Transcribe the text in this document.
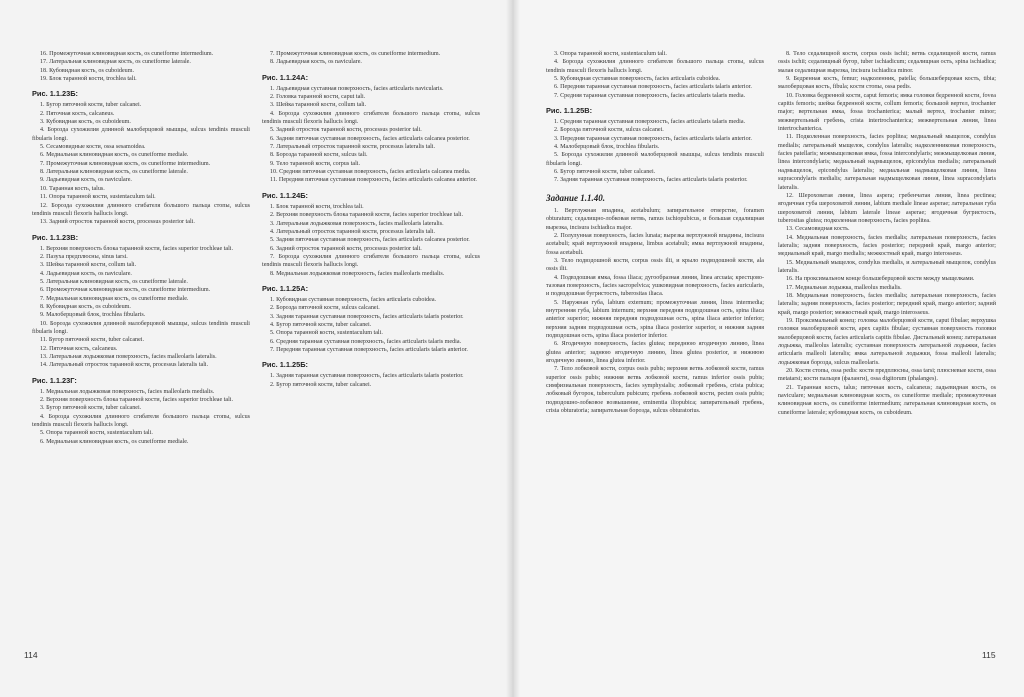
16. Промежуточная клиновидная кость, os cuneiforme intermedium.
17. Латеральная клиновидная кость, os cuneiforme laterale.
18. Кубовидная кость, os cuboideum.
19. Блок таранной кости, trochlea tali.
Рис. 1.1.23Б:
1. Бугор пяточной кости, tuber calcanei.
2. Пяточная кость, calcaneus.
3. Кубовидная кость, os cuboideum.
4. Борозда сухожилия длинной малоберцовой мышцы, sulcus tendinis musculi fibularis longi.
5. Сесамовидные кости, ossa sesamoidea.
6. Медиальная клиновидная кость, os cuneiforme mediale.
7. Промежуточная клиновидная кость, os cuneiforme intermedium.
8. Латеральная клиновидная кость, os cuneiforme laterale.
9. Ладьевидная кость, os naviculare.
10. Таранная кость, talus.
11. Опора таранной кости, sustentaculum tali.
12. Борозда сухожилия длинного сгибателя большого пальца стопы, sulcus tendinis musculi flexoris hallucis longi.
13. Задний отросток таранной кости, processus posterior tali.
Рис. 1.1.23В:
1. Верхняя поверхность блока таранной кости, facies superior trochleae tali.
2. Пазуха предплюсны, sinus tarsi.
3. Шейка таранной кости, collum tali.
4. Ладьевидная кость, os naviculare.
5. Латеральная клиновидная кость, os cuneiforme laterale.
6. Промежуточная клиновидная кость, os cuneiforme intermedium.
7. Медиальная клиновидная кость, os cuneiforme mediale.
8. Кубовидная кость, os cuboideum.
9. Малоберцовый блок, trochlea fibularis.
10. Борозда сухожилия длинной малоберцовой мышцы, sulcus tendinis musculi fibularis longi.
11. Бугор пяточной кости, tuber calcanei.
12. Пяточная кость, calcaneus.
13. Латеральная лодыжковая поверхность, facies malleolaris lateralis.
14. Латеральный отросток таранной кости, processus lateralis tali.
Рис. 1.1.23Г:
1. Медиальная лодыжковая поверхность, facies malleolaris medialis.
2. Верхняя поверхность блока таранной кости, facies superior trochleae tali.
3. Бугор пяточной кости, tuber calcanei.
4. Борозда сухожилия длинного сгибателя большого пальца стопы, sulcus tendinis musculi flexoris hallucis longi.
5. Опора таранной кости, sustentaculum tali.
6. Медиальная клиновидная кость, os cuneiforme mediale.
7. Промежуточная клиновидная кость, os cuneiforme intermedium.
8. Ладьевидная кость, os naviculare.
Рис. 1.1.24А:
1. Ладьевидная суставная поверхность, facies articularis navicularis.
2. Головка таранной кости, caput tali.
3. Шейка таранной кости, collum tali.
4. Борозда сухожилия длинного сгибателя большого пальца стопы, sulcus tendinis musculi flexoris hallucis longi.
5. Задний отросток таранной кости, processus posterior tali.
6. Задняя пяточная суставная поверхность, facies articularis calcanea posterior.
7. Латеральный отросток таранной кости, processus lateralis tali.
8. Борозда таранной кости, sulcus tali.
9. Тело таранной кости, corpus tali.
10. Средняя пяточная суставная поверхность, facies articularis calcanea media.
11. Передняя пяточная суставная поверхность, facies articularis calcanea anterior.
Рис. 1.1.24Б:
1. Блок таранной кости, trochlea tali.
2. Верхняя поверхность блока таранной кости, facies superior trochleae tali.
3. Латеральная лодыжковая поверхность, facies malleolaris lateralis.
4. Латеральный отросток таранной кости, processus lateralis tali.
5. Задняя пяточная суставная поверхность, facies articularis calcanea posterior.
6. Задний отросток таранной кости, processus posterior tali.
7. Борозда сухожилия длинного сгибателя большого пальца стопы, sulcus tendinis musculi flexoris hallucis longi.
8. Медиальная лодыжковая поверхность, facies malleolaris medialis.
Рис. 1.1.25А:
1. Кубовидная суставная поверхность, facies articularis cuboidea.
2. Борозда пяточной кости, sulcus calcanei.
3. Задняя таранная суставная поверхность, facies articularis talaris posterior.
4. Бугор пяточной кости, tuber calcanei.
5. Опора таранной кости, sustentaculum tali.
6. Средняя таранная суставная поверхность, facies articularis talaris media.
7. Передняя таранная суставная поверхность, facies articularis talaris anterior.
Рис. 1.1.25Б:
1. Задняя таранная суставная поверхность, facies articularis talaris posterior.
2. Бугор пяточной кости, tuber calcanei.
114
3. Опора таранной кости, sustentaculum tali.
4. Борозда сухожилия длинного сгибателя большого пальца стопы, sulcus tendinis musculi flexoris hallucis longi.
5. Кубовидная суставная поверхность, facies articularis cuboidea.
6. Передняя таранная суставная поверхность, facies articularis talaris anterior.
7. Средняя таранная суставная поверхность, facies articularis talaris media.
Рис. 1.1.25В:
1. Средняя таранная суставная поверхность, facies articularis talaris media.
2. Борозда пяточной кости, sulcus calcanei.
3. Передняя таранная суставная поверхность, facies articularis talaris anterior.
4. Малоберцовый блок, trochlea fibularis.
5. Борозда сухожилия длинной малоберцовой мышцы, sulcus tendinis musculi fibularis longi.
6. Бугор пяточной кости, tuber calcanei.
7. Задняя таранная суставная поверхность, facies articularis talaris posterior.
Задание 1.1.40.
1. Вертлужная впадина, acetabulum; запирательное отверстие, foramen obturatum; седалищно-лобковая ветвь, ramus ischiopubicus, и большая седалищная вырезка, incisura ischiadica major.
2. Полулунная поверхность, facies lunata; вырезка вертлужной впадины, incisura acetabuli; край вертлужной впадины, limbus acetabuli; ямка вертлужной впадины, fossa acetabuli.
3. Тело подвздошной кости, corpus ossis ilii, и крыло подвздошной кости, ala ossis ilii.
4. Подвздошная ямка, fossa iliaca; дугообразная линия, linea arcuata; крестцово-тазовая поверхность, facies sacropelvica; ушковидная поверхность, facies auricularis, и подвздошная бугристость, tuberositas iliaca.
5. Наружная губа, labium externum; промежуточная линия, linea intermedia; внутренняя губа, labium internum; верхняя передняя подвздошная ость, spina iliaca anterior superior; нижняя передняя подвздошная ость, spina iliaca anterior inferior; верхняя задняя подвздошная ость, spina iliaca posterior superior, и нижняя задняя подвздошная ость, spina iliaca posterior inferior.
6. Ягодичную поверхность, facies glutea; переднюю ягодичную линию, linea glutea anterior; заднюю ягодичную линию, linea glutea posterior, и нижнюю ягодичную линию, linea glutea inferior.
7. Тело лобковой кости, corpus ossis pubis; верхняя ветвь лобковой кости, ramus superior ossis pubis; нижняя ветвь лобковой кости, ramus inferior ossis pubis; симфизиальная поверхность, facies symphysialis; лобковый гребень, crista pubica; лобковый бугорок, tuberculum pubicum; гребень лобковой кости, pecten ossis pubis; подвздошно-лобковое возвышение, eminentia iliopubica; запирательный гребень, crista obturatoria; запирательная борозда, sulcus obturatorius.
8. Тело седалищной кости, corpus ossis ischii; ветвь седалищной кости, ramus ossis ischii; седалищный бугор, tuber ischiadicum; седалищная ость, spina ischiadica; малая седалищная вырезка, incisura ischiadica minor.
9. Бедренная кость, femur; надколенник, patella; большеберцовая кость, tibia; малоберцовая кость, fibula; кости стопы, ossa pedis.
10. Головка бедренной кости, caput femoris; ямка головки бедренной кости, fovea capitis femoris; шейка бедренной кости, collum femoris; большой вертел, trochanter major; вертельная ямка, fossa trochanterica; малый вертел, trochanter minor; межвертельный гребень, crista intertrochanterica; межвертельная линия, linea intertrochanterica.
11. Подколенная поверхность, facies poplitea; медиальный мыщелок, condylus medialis; латеральный мыщелок, condylus lateralis; надколенниковая поверхность, facies patellaris; межмыщелковая ямка, fossa intercondylaris; межмыщелковая линия, linea intercondylaris; медиальный надмыщелок, epicondylus medialis; латеральный надмыщелок, epicondylus lateralis; медиальная надмыщелковая линия, linea supracondylaris medialis; латеральная надмыщелковая линия, linea supracondylaris lateralis.
12. Шероховатая линия, linea aspera; гребенчатая линия, linea pectinea; ягодичная губа шероховатой линии, labium mediale lineae asperae; латеральная губа шероховатой линии, labium laterale lineae asperae; ягодичная бугристость, tuberositas glutea; подколенная поверхность, facies poplitea.
13. Сесамовидная кость.
14. Медиальная поверхность, facies medialis; латеральная поверхность, facies lateralis; задняя поверхность, facies posterior; передний край, margo anterior; медиальный край, margo medialis; межкостный край, margo interosseus.
15. Медиальный мыщелок, condylus medialis, и латеральный мыщелок, condylus lateralis.
16. На проксимальном конце большеберцовой кости между мыщелками.
17. Медиальная лодыжка, malleolus medialis.
18. Медиальная поверхность, facies medialis; латеральная поверхность, facies lateralis; задняя поверхность, facies posterior; передний край, margo anterior; задний край, margo posterior; межкостный край, margo interosseus.
19. Проксимальный конец: головка малоберцовой кости, caput fibulae; верхушка головки малоберцовой кости, apex capitis fibulae; суставная поверхность головки малоберцовой кости, facies articularis capitis fibulae. Дистальный конец: латеральная лодыжка, malleolus lateralis; суставная поверхность латеральной лодыжки, facies articularis malleoli lateralis; ямка латеральной лодыжки, fossa malleoli lateralis; лодыжковая борозда, sulcus malleolaris.
20. Кости стопы, ossa pedis: кости предплюсны, ossa tarsi; плюсневые кости, ossa metatarsi; кости пальцев (фаланги), ossa digitorum (phalanges).
21. Таранная кость, talus; пяточная кость, calcaneus; ладьевидная кость, os naviculare; медиальная клиновидная кость, os cuneiforme mediale; промежуточная клиновидная кость, os cuneiforme intermedium; латеральная клиновидная кость, os cuneiforme laterale; кубовидная кость, os cuboideum.
115
